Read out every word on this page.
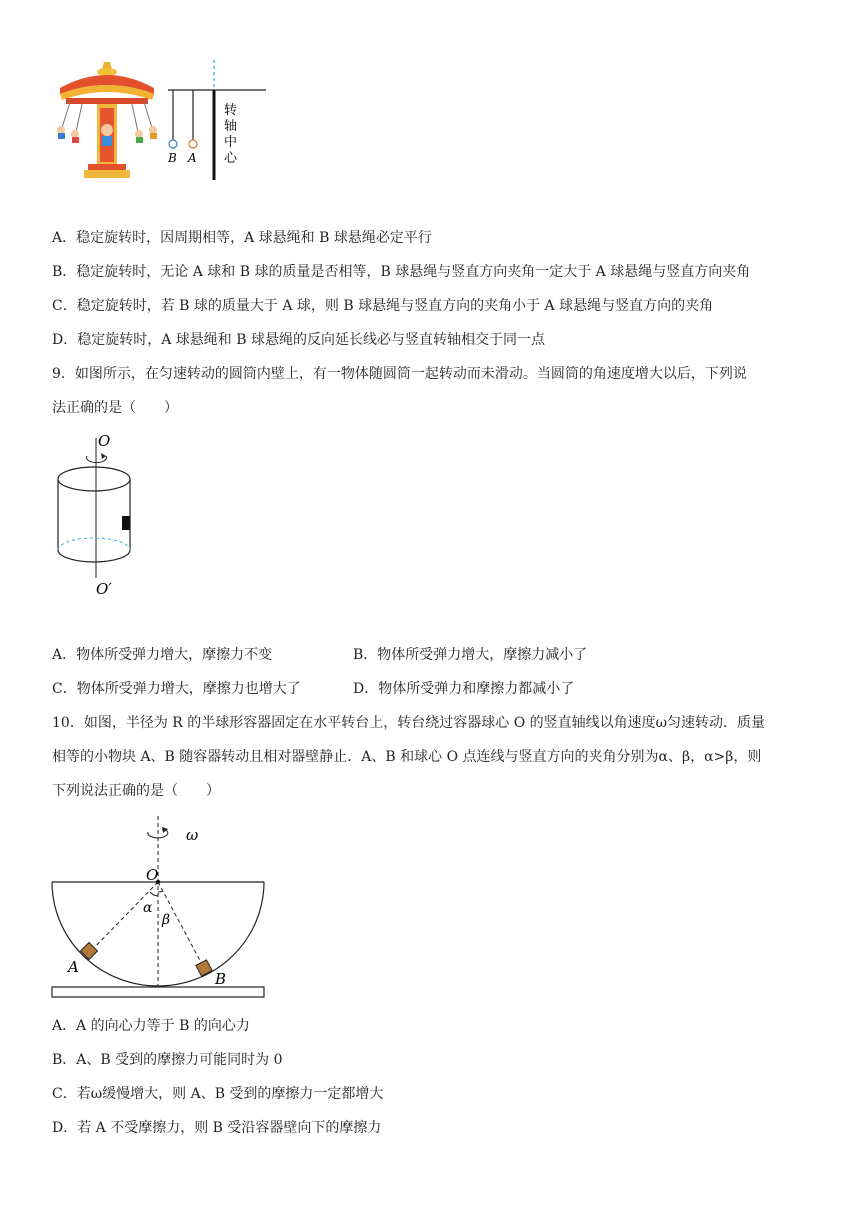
B A
转
轴
中
心
A．稳定旋转时，因周期相等，A 球悬绳和 B 球悬绳必定平行
B．稳定旋转时，无论 A 球和 B 球的质量是否相等，B 球悬绳与竖直方向夹角一定大于 A 球悬绳与竖直方向夹角
C．稳定旋转时，若 B 球的质量大于 A 球，则 B 球悬绳与竖直方向的夹角小于 A 球悬绳与竖直方向的夹角
D．稳定旋转时，A 球悬绳和 B 球悬绳的反向延长线必与竖直转轴相交于同一点
9．如图所示，在匀速转动的圆筒内壁上，有一物体随圆筒一起转动而未滑动。当圆筒的角速度增大以后，下列说
法正确的是（　　）
O
O′
A．物体所受弹力增大，摩擦力不变	B．物体所受弹力增大，摩擦力减小了
C．物体所受弹力增大，摩擦力也增大了	D．物体所受弹力和摩擦力都减小了
10．如图，半径为 R 的半球形容器固定在水平转台上，转台绕过容器球心 O 的竖直轴线以角速度ω匀速转动．质量
相等的小物块 A、B 随容器转动且相对器壁静止．A、B 和球心 O 点连线与竖直方向的夹角分别为α、β，α>β，则
下列说法正确的是（　　）
ω
O
α
β
A
B
A．A 的向心力等于 B 的向心力
B．A、B 受到的摩擦力可能同时为 0
C．若ω缓慢增大，则 A、B 受到的摩擦力一定都增大
D．若 A 不受摩擦力，则 B 受沿容器壁向下的摩擦力
